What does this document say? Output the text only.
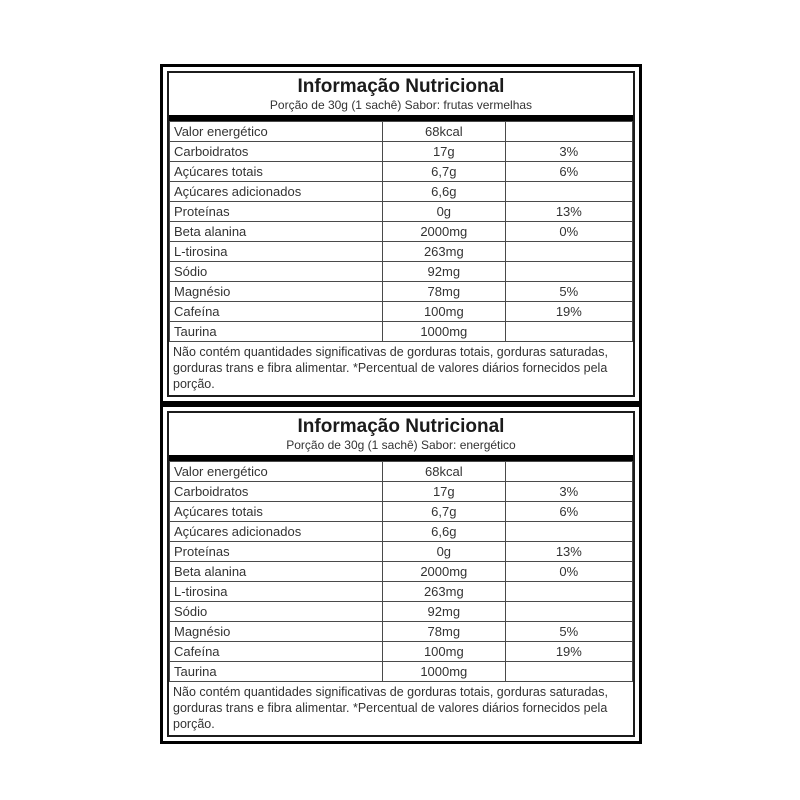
Informação Nutricional
Porção de 30g (1 sachê) Sabor: frutas vermelhas
Valor energético	68kcal	
Carboidratos	17g	3%
Açúcares totais	6,7g	6%
Açúcares adicionados	6,6g	
Proteínas	0g	13%
Beta alanina	2000mg	0%
L-tirosina	263mg	
Sódio	92mg	
Magnésio	78mg	5%
Cafeína	100mg	19%
Taurina	1000mg	
Não contém quantidades significativas de gorduras totais, gorduras saturadas, gorduras trans e fibra alimentar. *Percentual de valores diários fornecidos pela porção.
Informação Nutricional
Porção de 30g (1 sachê) Sabor: energético
Valor energético	68kcal	
Carboidratos	17g	3%
Açúcares totais	6,7g	6%
Açúcares adicionados	6,6g	
Proteínas	0g	13%
Beta alanina	2000mg	0%
L-tirosina	263mg	
Sódio	92mg	
Magnésio	78mg	5%
Cafeína	100mg	19%
Taurina	1000mg	
Não contém quantidades significativas de gorduras totais, gorduras saturadas, gorduras trans e fibra alimentar. *Percentual de valores diários fornecidos pela porção.
